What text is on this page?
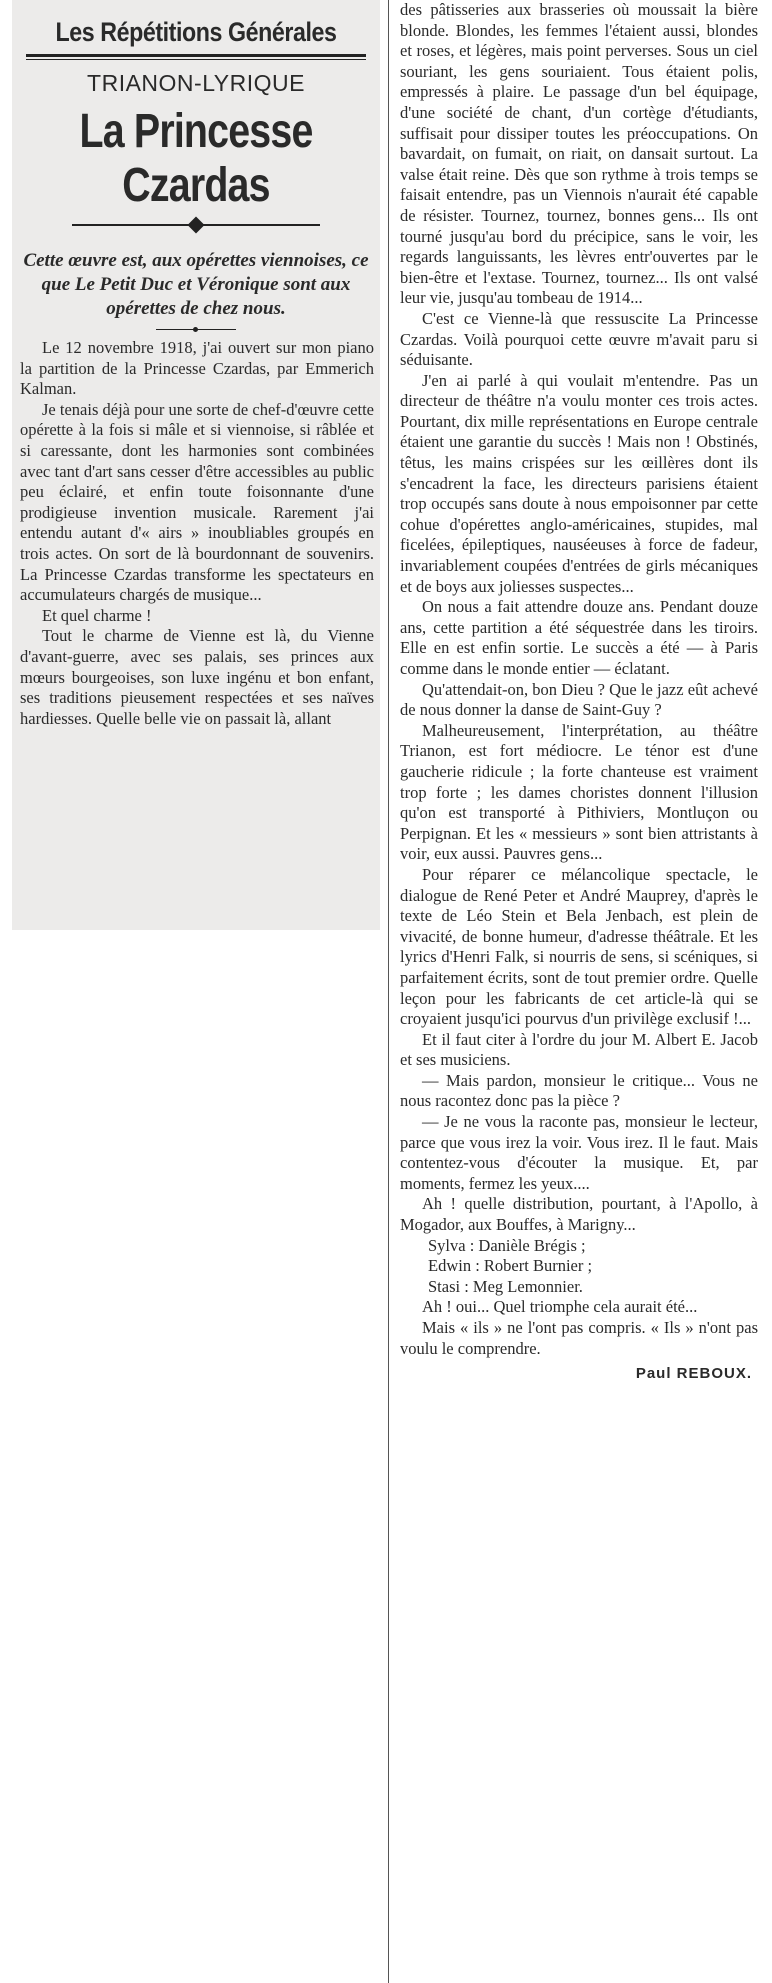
Les Répétitions Générales
TRIANON-LYRIQUE
La Princesse Czardas
Cette œuvre est, aux opérettes viennoises, ce que Le Petit Duc et Véronique sont aux opérettes de chez nous.

Le 12 novembre 1918, j'ai ouvert sur mon piano la partition de la Princesse Czardas, par Emmerich Kalman.

Je tenais déjà pour une sorte de chef-d'œuvre cette opérette à la fois si mâle et si viennoise, si râblée et si caressante, dont les harmonies sont combinées avec tant d'art sans cesser d'être accessibles au public peu éclairé, et enfin toute foisonnante d'une prodigieuse invention musicale. Rarement j'ai entendu autant d'« airs » inoubliables groupés en trois actes. On sort de là bourdonnant de souvenirs. La Princesse Czardas transforme les spectateurs en accumulateurs chargés de musique...

Et quel charme !

Tout le charme de Vienne est là, du Vienne d'avant-guerre, avec ses palais, ses princes aux mœurs bourgeoises, son luxe ingénu et bon enfant, ses traditions pieusement respectées et ses naïves hardiesses. Quelle belle vie on passait là, allant

des pâtisseries aux brasseries où moussait la bière blonde. Blondes, les femmes l'étaient aussi, blondes et roses, et légères, mais point perverses. Sous un ciel souriant, les gens souriaient. Tous étaient polis, empressés à plaire. Le passage d'un bel équipage, d'une société de chant, d'un cortège d'étudiants, suffisait pour dissiper toutes les préoccupations. On bavardait, on fumait, on riait, on dansait surtout. La valse était reine. Dès que son rythme à trois temps se faisait entendre, pas un Viennois n'aurait été capable de résister. Tournez, tournez, bonnes gens... Ils ont tourné jusqu'au bord du précipice, sans le voir, les regards languissants, les lèvres entr'ouvertes par le bien-être et l'extase. Tournez, tournez... Ils ont valsé leur vie, jusqu'au tombeau de 1914...

C'est ce Vienne-là que ressuscite La Princesse Czardas. Voilà pourquoi cette œuvre m'avait paru si séduisante.

J'en ai parlé à qui voulait m'entendre. Pas un directeur de théâtre n'a voulu monter ces trois actes. Pourtant, dix mille représentations en Europe centrale étaient une garantie du succès ! Mais non ! Obstinés, têtus, les mains crispées sur les œillères dont ils s'encadrent la face, les directeurs parisiens étaient trop occupés sans doute à nous empoisonner par cette cohue d'opérettes anglo-américaines, stupides, mal ficelées, épileptiques, nauséeuses à force de fadeur, invariablement coupées d'entrées de girls mécaniques et de boys aux joliesses suspectes...

On nous a fait attendre douze ans. Pendant douze ans, cette partition a été séquestrée dans les tiroirs. Elle en est enfin sortie. Le succès a été — à Paris comme dans le monde entier — éclatant.

Qu'attendait-on, bon Dieu ? Que le jazz eût achevé de nous donner la danse de Saint-Guy ?

Malheureusement, l'interprétation, au théâtre Trianon, est fort médiocre. Le ténor est d'une gaucherie ridicule ; la forte chanteuse est vraiment trop forte ; les dames choristes donnent l'illusion qu'on est transporté à Pithiviers, Montluçon ou Perpignan. Et les « messieurs » sont bien attristants à voir, eux aussi. Pauvres gens...

Pour réparer ce mélancolique spectacle, le dialogue de René Peter et André Mauprey, d'après le texte de Léo Stein et Bela Jenbach, est plein de vivacité, de bonne humeur, d'adresse théâtrale. Et les lyrics d'Henri Falk, si nourris de sens, si scéniques, si parfaitement écrits, sont de tout premier ordre. Quelle leçon pour les fabricants de cet article-là qui se croyaient jusqu'ici pourvus d'un privilège exclusif !...

Et il faut citer à l'ordre du jour M. Albert E. Jacob et ses musiciens.

— Mais pardon, monsieur le critique... Vous ne nous racontez donc pas la pièce ?

— Je ne vous la raconte pas, monsieur le lecteur, parce que vous irez la voir. Vous irez. Il le faut. Mais contentez-vous d'écouter la musique. Et, par moments, fermez les yeux....

Ah ! quelle distribution, pourtant, à l'Apollo, à Mogador, aux Bouffes, à Marigny...

Sylva : Danièle Brégis ;

Edwin : Robert Burnier ;

Stasi : Meg Lemonnier.

Ah ! oui... Quel triomphe cela aurait été...

Mais « ils » ne l'ont pas compris. « Ils » n'ont pas voulu le comprendre.

Paul REBOUX.
